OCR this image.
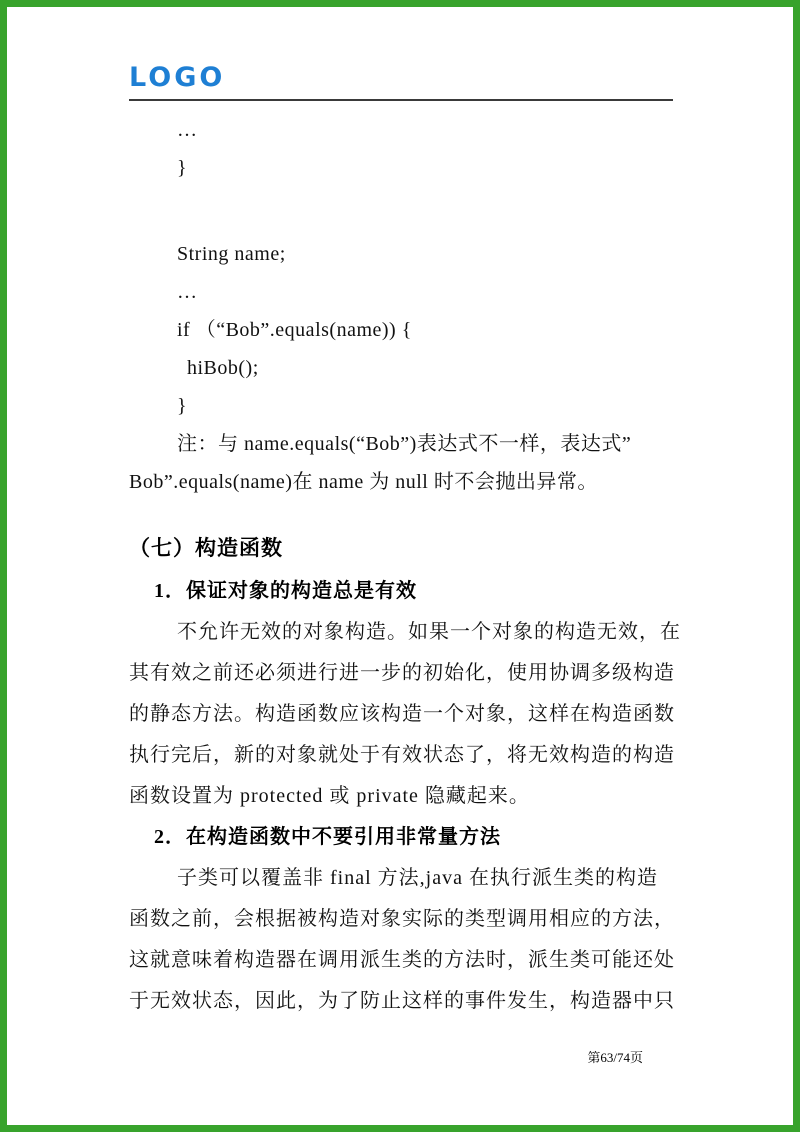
LOGO
…
}
String name;
…
if （“Bob”.equals(name)) {
hiBob();
}
注：与 name.equals(“Bob”)表达式不一样，表达式”
Bob”.equals(name)在 name 为 null 时不会抛出异常。
（七）构造函数
1．保证对象的构造总是有效
不允许无效的对象构造。如果一个对象的构造无效，在
其有效之前还必须进行进一步的初始化，使用协调多级构造
的静态方法。构造函数应该构造一个对象，这样在构造函数
执行完后，新的对象就处于有效状态了，将无效构造的构造
函数设置为 protected 或 private 隐藏起来。
2．在构造函数中不要引用非常量方法
子类可以覆盖非 final 方法,java 在执行派生类的构造
函数之前，会根据被构造对象实际的类型调用相应的方法，
这就意味着构造器在调用派生类的方法时，派生类可能还处
于无效状态，因此，为了防止这样的事件发生，构造器中只
第63/74页
